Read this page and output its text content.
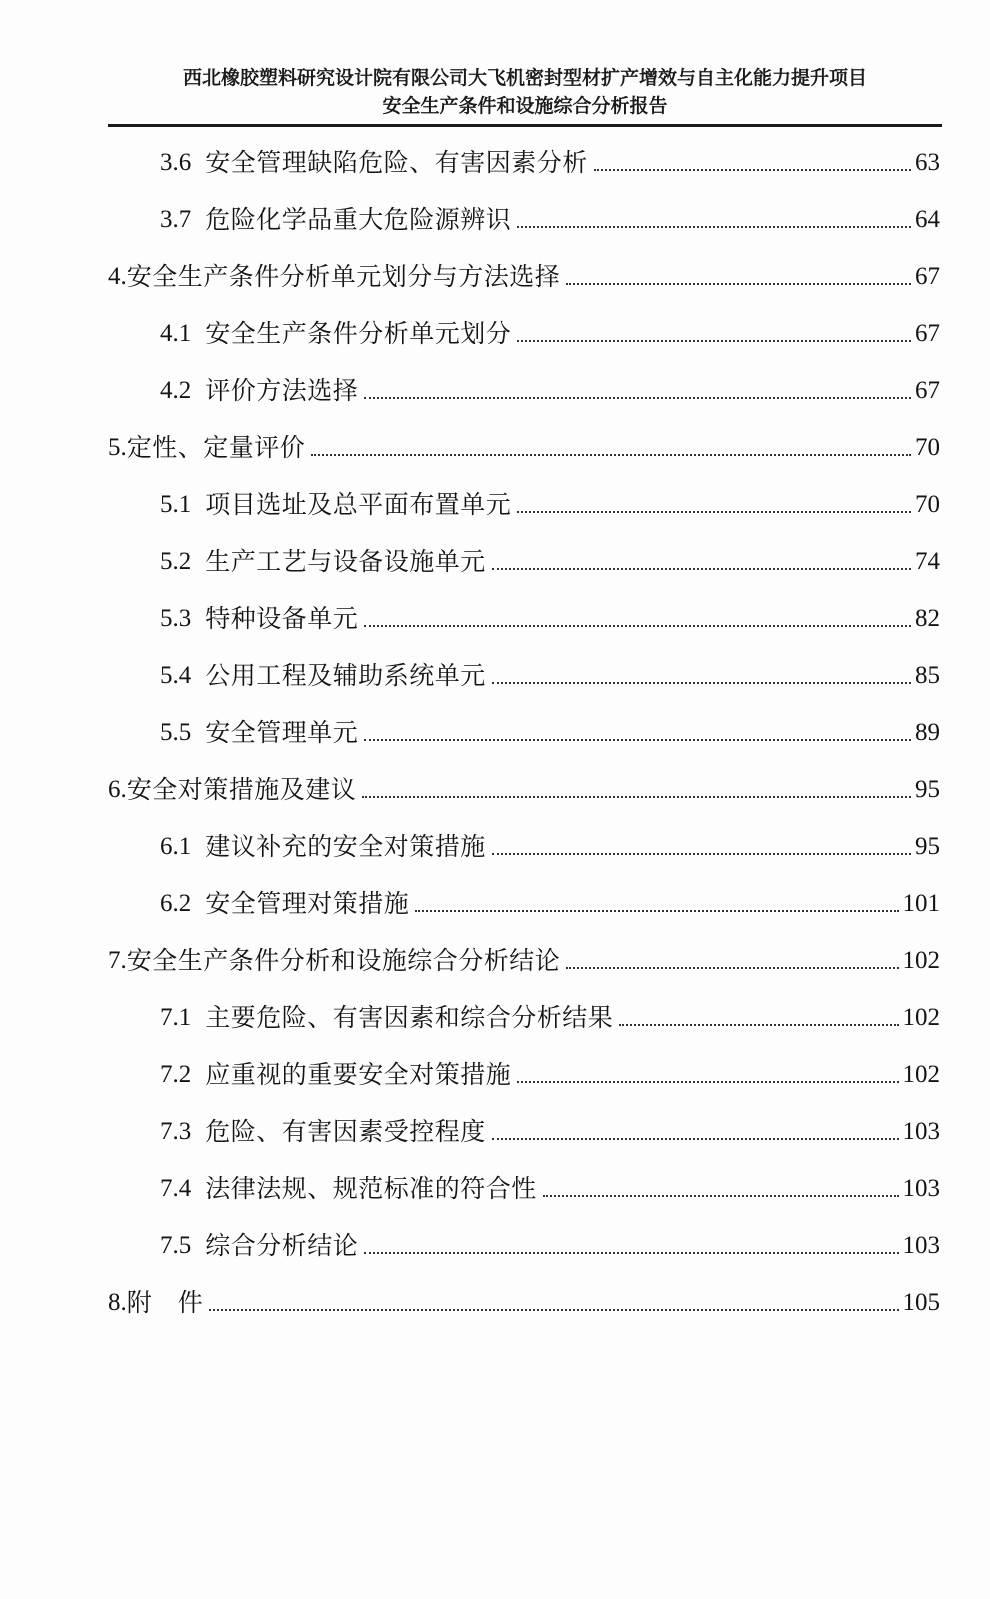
西北橡胶塑料研究设计院有限公司大飞机密封型材扩产增效与自主化能力提升项目
安全生产条件和设施综合分析报告
3.6 安全管理缺陷危险、有害因素分析	63
3.7 危险化学品重大危险源辨识	64
4. 安全生产条件分析单元划分与方法选择	67
4.1 安全生产条件分析单元划分	67
4.2 评价方法选择	67
5. 定性、定量评价	70
5.1 项目选址及总平面布置单元	70
5.2 生产工艺与设备设施单元	74
5.3 特种设备单元	82
5.4 公用工程及辅助系统单元	85
5.5 安全管理单元	89
6. 安全对策措施及建议	95
6.1 建议补充的安全对策措施	95
6.2 安全管理对策措施	101
7. 安全生产条件分析和设施综合分析结论	102
7.1 主要危险、有害因素和综合分析结果	102
7.2 应重视的重要安全对策措施	102
7.3 危险、有害因素受控程度	103
7.4 法律法规、规范标准的符合性	103
7.5 综合分析结论	103
8. 附　件	105
